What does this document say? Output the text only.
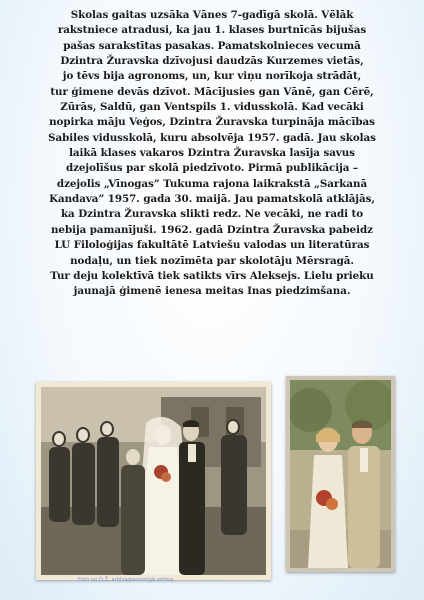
Skolas gaitas uzsāka Vānes 7-gadīgā skolā. Vēlāk

rakstniece atradusi, ka jau 1. klases burtnīcās bijušas

pašas sarakstītas pasakas. Pamatskolnieces vecumā

Dzintra Žuravska dzīvojusi daudzās Kurzemes vietās,

jo tēvs bija agronoms, un, kur viņu norīkoja strādāt,

tur ģimene devās dzīvot. Mācījusies gan Vānē, gan Cērē,

Zūrās, Saldū, gan Ventspils 1. vidusskolā. Kad vecāki

nopirka māju Veģos, Dzintra Žuravska turpināja mācības

Sabiles vidusskolā, kuru absolvēja 1957. gadā. Jau skolas

laikā klases vakaros Dzintra Žuravska lasīja savus

dzejolīšus par skolā piedzīvoto. Pirmā publikācija –

dzejolis „Vīnogas” Tukuma rajona laikrakstā „Sarkanā

Kandava” 1957. gada 30. maijā. Jau pamatskolā atklājās,

ka Dzintra Žuravska slikti redz. Ne vecāki, ne radi to

nebija pamanījuši. 1962. gadā Dzintra Žuravska pabeidz

LU Filoloģijas fakultātē Latviešu valodas un literatūras

nodaļu, un tiek nozīmēta par skolotāju Mērsragā.

Tur deju kolektīvā tiek satikts vīrs Aleksejs. Lielu prieku

jaunajā ģimenē ienesa meitas Inas piedzimšana.

Foto no D.Ž. arhīva/personīgā arhīva
